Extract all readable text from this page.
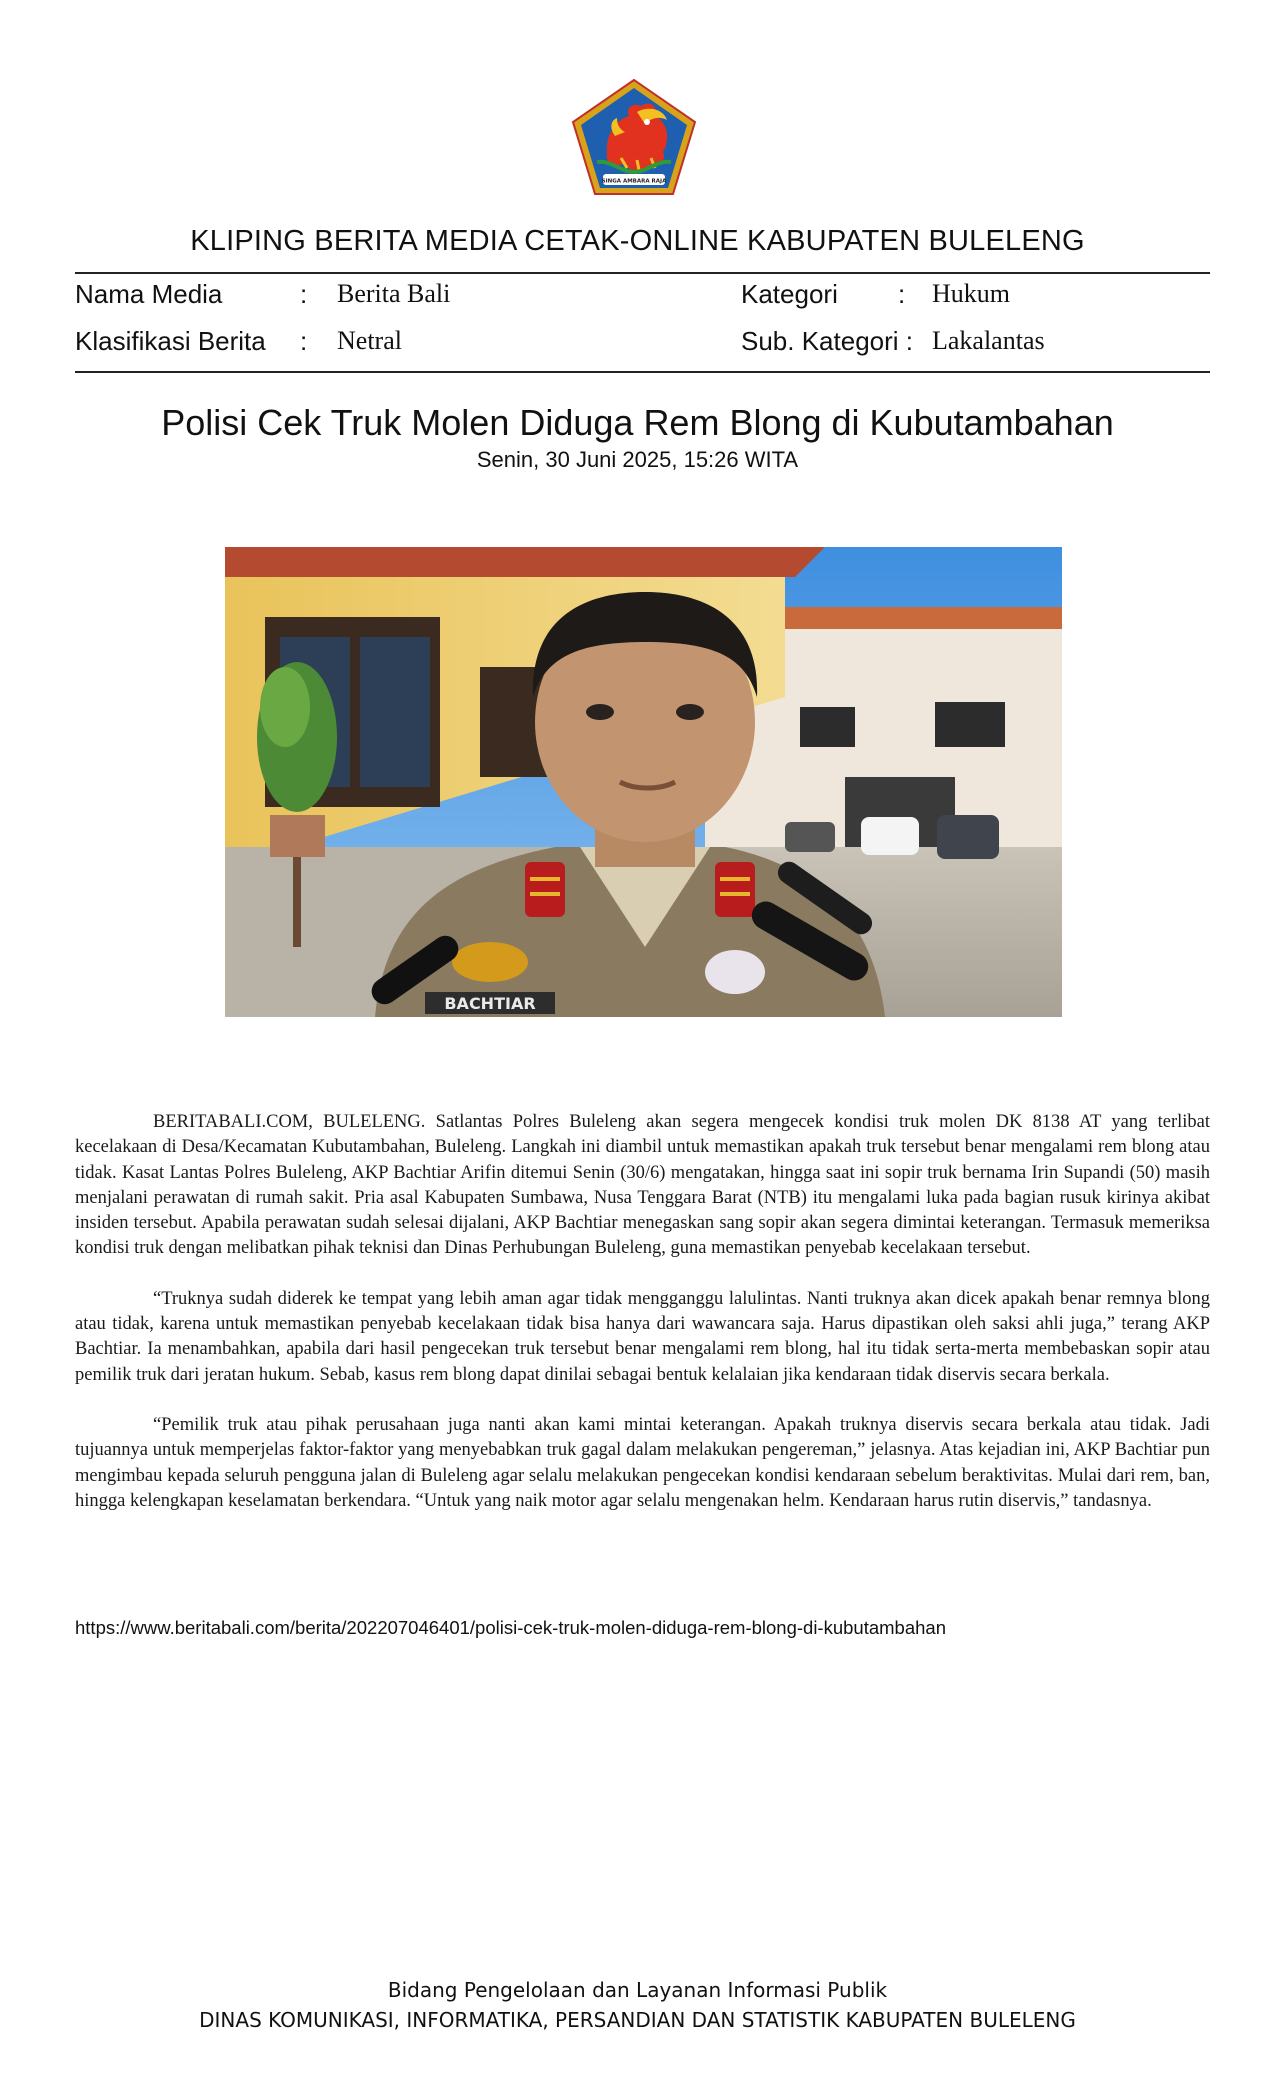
SINGA AMBARA RAJA
KLIPING BERITA MEDIA CETAK-ONLINE KABUPATEN BULELENG
Nama Media	: Berita Bali	Kategori : Hukum
Klasifikasi Berita : Netral	Sub. Kategori : Lakalantas
Polisi Cek Truk Molen Diduga Rem Blong di Kubutambahan
Senin, 30 Juni 2025, 15:26 WITA
BACHTIAR

BERITABALI.COM, BULELENG. Satlantas Polres Buleleng akan segera mengecek kondisi truk molen DK 8138 AT yang terlibat kecelakaan di Desa/Kecamatan Kubutambahan, Buleleng. Langkah ini diambil untuk memastikan apakah truk tersebut benar mengalami rem blong atau tidak. Kasat Lantas Polres Buleleng, AKP Bachtiar Arifin ditemui Senin (30/6) mengatakan, hingga saat ini sopir truk bernama Irin Supandi (50) masih menjalani perawatan di rumah sakit. Pria asal Kabupaten Sumbawa, Nusa Tenggara Barat (NTB) itu mengalami luka pada bagian rusuk kirinya akibat insiden tersebut. Apabila perawatan sudah selesai dijalani, AKP Bachtiar menegaskan sang sopir akan segera dimintai keterangan. Termasuk memeriksa kondisi truk dengan melibatkan pihak teknisi dan Dinas Perhubungan Buleleng, guna memastikan penyebab kecelakaan tersebut.

“Truknya sudah diderek ke tempat yang lebih aman agar tidak mengganggu lalulintas. Nanti truknya akan dicek apakah benar remnya blong atau tidak, karena untuk memastikan penyebab kecelakaan tidak bisa hanya dari wawancara saja. Harus dipastikan oleh saksi ahli juga,” terang AKP Bachtiar. Ia menambahkan, apabila dari hasil pengecekan truk tersebut benar mengalami rem blong, hal itu tidak serta-merta membebaskan sopir atau pemilik truk dari jeratan hukum. Sebab, kasus rem blong dapat dinilai sebagai bentuk kelalaian jika kendaraan tidak diservis secara berkala.

“Pemilik truk atau pihak perusahaan juga nanti akan kami mintai keterangan. Apakah truknya diservis secara berkala atau tidak. Jadi tujuannya untuk memperjelas faktor-faktor yang menyebabkan truk gagal dalam melakukan pengereman,” jelasnya. Atas kejadian ini, AKP Bachtiar pun mengimbau kepada seluruh pengguna jalan di Buleleng agar selalu melakukan pengecekan kondisi kendaraan sebelum beraktivitas. Mulai dari rem, ban, hingga kelengkapan keselamatan berkendara. “Untuk yang naik motor agar selalu mengenakan helm. Kendaraan harus rutin diservis,” tandasnya.

https://www.beritabali.com/berita/202207046401/polisi-cek-truk-molen-diduga-rem-blong-di-kubutambahan
Bidang Pengelolaan dan Layanan Informasi Publik
DINAS KOMUNIKASI, INFORMATIKA, PERSANDIAN DAN STATISTIK KABUPATEN BULELENG
